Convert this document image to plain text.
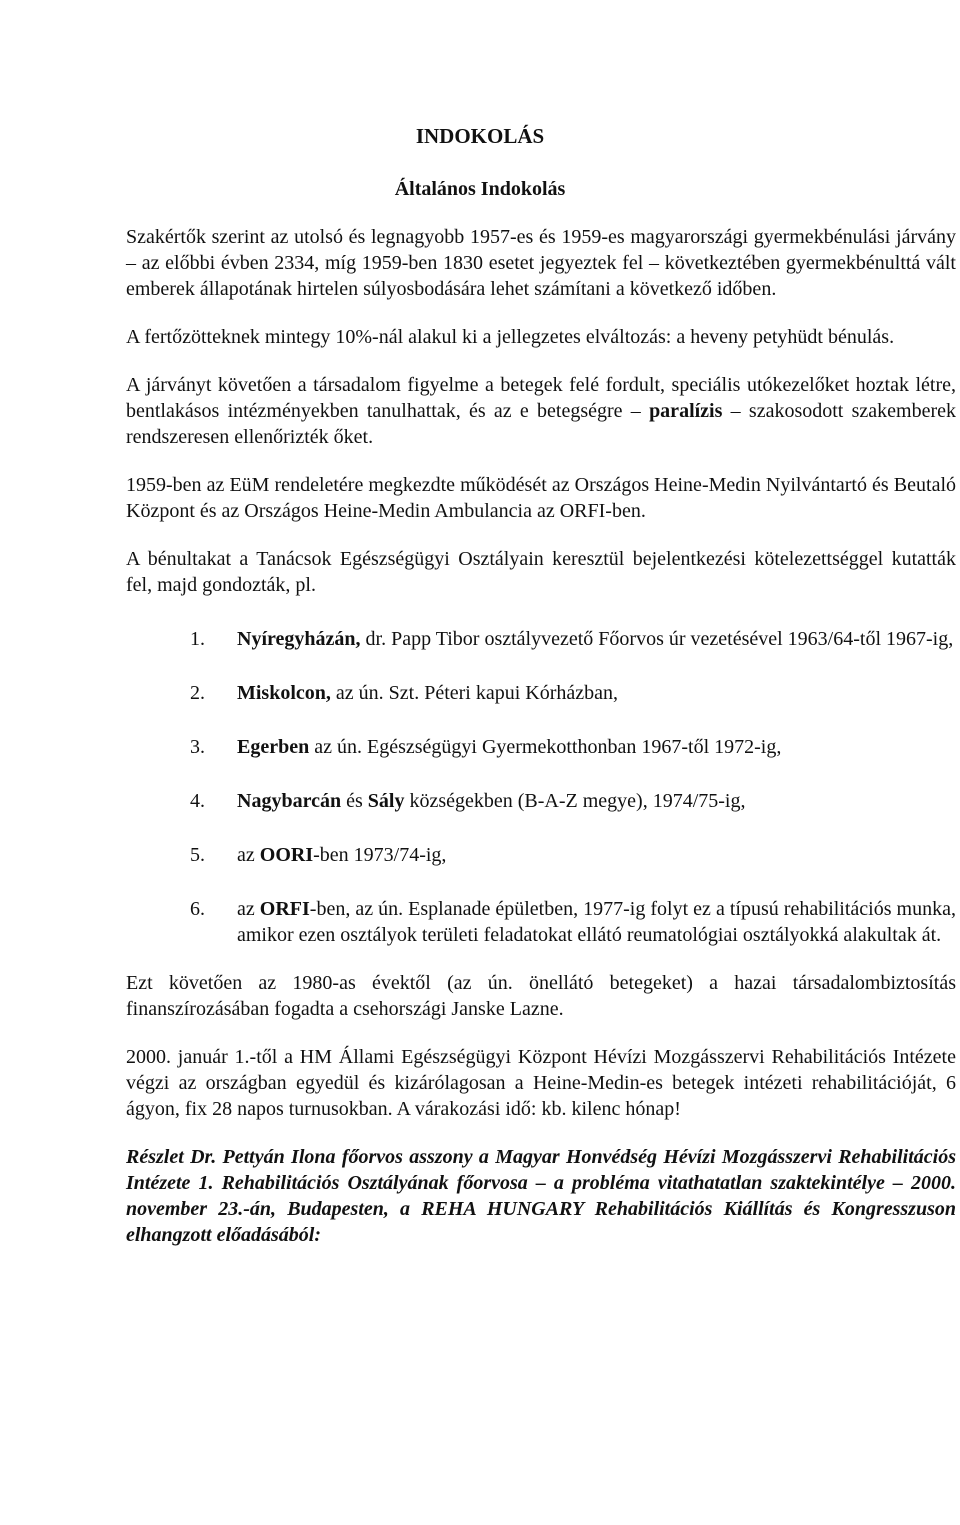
INDOKOLÁS
Általános Indokolás

Szakértők szerint az utolsó és legnagyobb 1957-es és 1959-es magyarországi gyermekbénulási járvány – az előbbi évben 2334, míg 1959-ben 1830 esetet jegyeztek fel – következtében gyermekbénulttá vált emberek állapotának hirtelen súlyosbodására lehet számítani a következő időben.

A fertőzötteknek mintegy 10%-nál alakul ki a jellegzetes elváltozás: a heveny petyhüdt bénulás.

A járványt követően a társadalom figyelme a betegek felé fordult, speciális utókezelőket hoztak létre, bentlakásos intézményekben tanulhattak, és az e betegségre – paralízis – szakosodott szakemberek rendszeresen ellenőrizték őket.

1959-ben az EüM rendeletére megkezdte működését az Országos Heine-Medin Nyilvántartó és Beutaló Központ és az Országos Heine-Medin Ambulancia az ORFI-ben.

A bénultakat a Tanácsok Egészségügyi Osztályain keresztül bejelentkezési kötelezettséggel kutatták fel, majd gondozták, pl.

1. Nyíregyházán, dr. Papp Tibor osztályvezető Főorvos úr vezetésével 1963/64-től 1967-ig,
2. Miskolcon, az ún. Szt. Péteri kapui Kórházban,
3. Egerben az ún. Egészségügyi Gyermekotthonban 1967-től 1972-ig,
4. Nagybarcán és Sály községekben (B-A-Z megye), 1974/75-ig,
5. az OORI-ben 1973/74-ig,
6. az ORFI-ben, az ún. Esplanade épületben, 1977-ig folyt ez a típusú rehabilitációs munka, amikor ezen osztályok területi feladatokat ellátó reumatológiai osztályokká alakultak át.

Ezt követően az 1980-as évektől (az ún. önellátó betegeket) a hazai társadalombiztosítás finanszírozásában fogadta a csehországi Janske Lazne.

2000. január 1.-től a HM Állami Egészségügyi Központ Hévízi Mozgásszervi Rehabilitációs Intézete végzi az országban egyedül és kizárólagosan a Heine-Medin-es betegek intézeti rehabilitációját, 6 ágyon, fix 28 napos turnusokban. A várakozási idő: kb. kilenc hónap!

Részlet Dr. Pettyán Ilona főorvos asszony a Magyar Honvédség Hévízi Mozgásszervi Rehabilitációs Intézete 1. Rehabilitációs Osztályának főorvosa – a probléma vitathatatlan szaktekintélye – 2000. november 23.-án, Budapesten, a REHA HUNGARY Rehabilitációs Kiállítás és Kongresszuson elhangzott előadásából:
